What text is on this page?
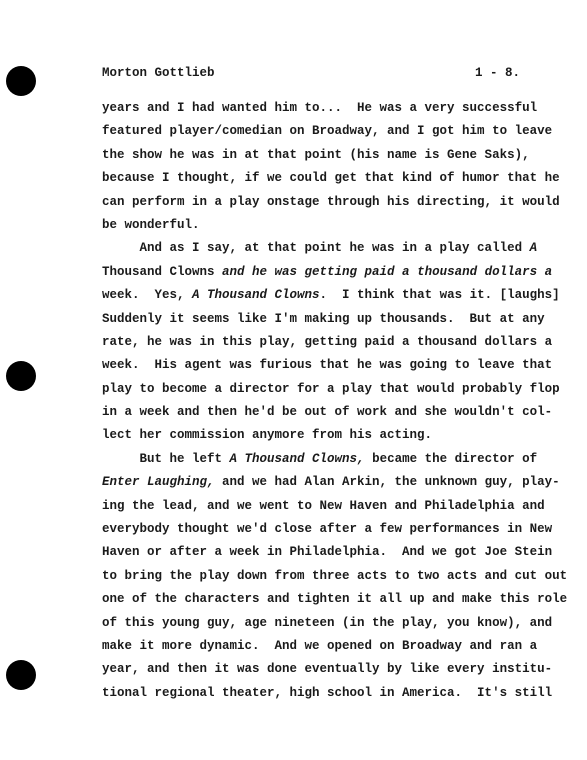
Morton Gottlieb	1 - 8.
years and I had wanted him to...  He was a very successful
featured player/comedian on Broadway, and I got him to leave
the show he was in at that point (his name is Gene Saks),
because I thought, if we could get that kind of humor that he
can perform in a play onstage through his directing, it would
be wonderful.
And as I say, at that point he was in a play called A
Thousand Clowns and he was getting paid a thousand dollars a
week.  Yes, A Thousand Clowns.  I think that was it. [laughs]
Suddenly it seems like I'm making up thousands.  But at any
rate, he was in this play, getting paid a thousand dollars a
week.  His agent was furious that he was going to leave that
play to become a director for a play that would probably flop
in a week and then he'd be out of work and she wouldn't col-
lect her commission anymore from his acting.
But he left A Thousand Clowns, became the director of
Enter Laughing, and we had Alan Arkin, the unknown guy, play-
ing the lead, and we went to New Haven and Philadelphia and
everybody thought we'd close after a few performances in New
Haven or after a week in Philadelphia.  And we got Joe Stein
to bring the play down from three acts to two acts and cut out
one of the characters and tighten it all up and make this role
of this young guy, age nineteen (in the play, you know), and
make it more dynamic.  And we opened on Broadway and ran a
year, and then it was done eventually by like every institu-
tional regional theater, high school in America.  It's still
